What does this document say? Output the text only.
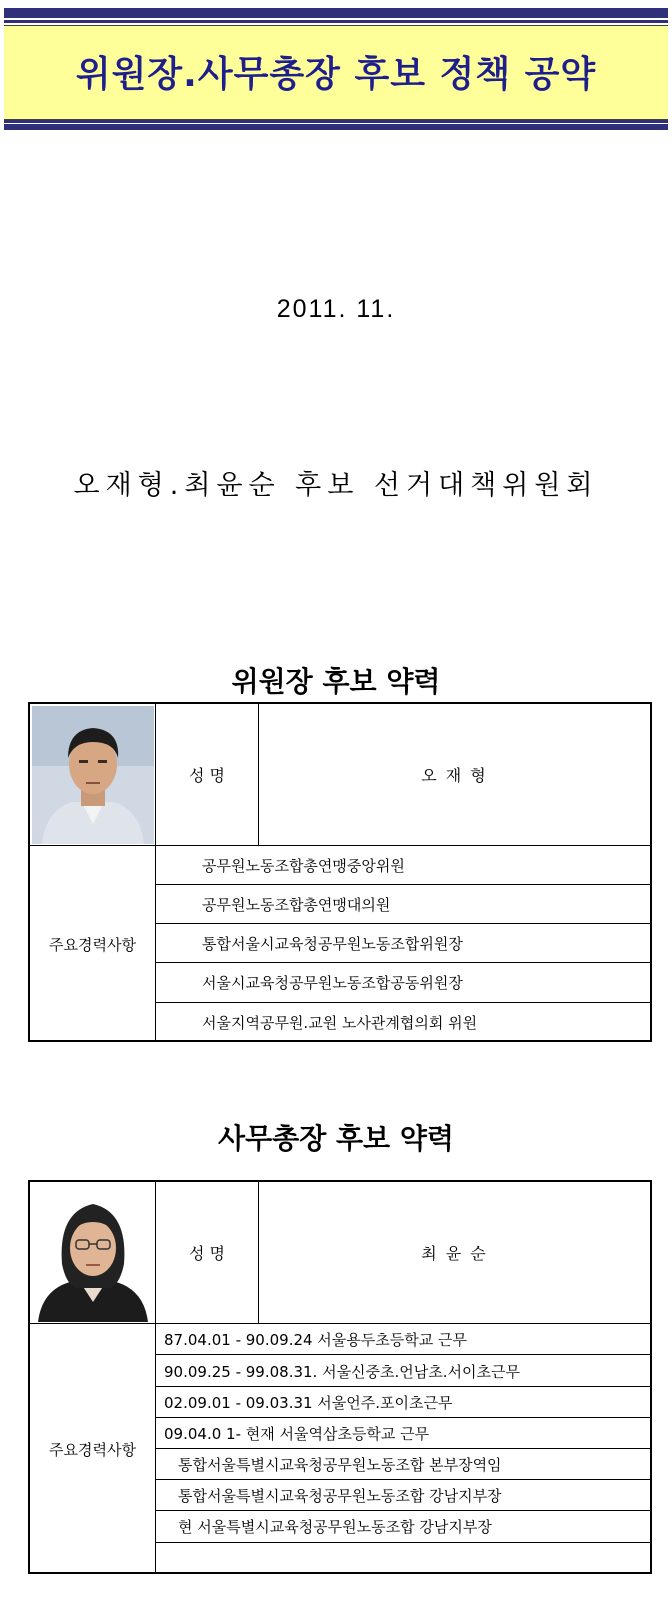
위원장.사무총장 후보 정책 공약
2011. 11.
오재형.최윤순 후보 선거대책위원회
위원장 후보 약력
성 명	오 재 형
주요경력사항
공무원노동조합총연맹중앙위원
공무원노동조합총연맹대의원
통합서울시교육청공무원노동조합위원장
서울시교육청공무원노동조합공동위원장
서울지역공무원.교원 노사관계협의회 위원
사무총장 후보 약력
성 명	최 윤 순
주요경력사항
87.04.01 - 90.09.24 서울용두초등학교 근무
90.09.25 - 99.08.31. 서울신중초.언남초.서이초근무
02.09.01 - 09.03.31 서울언주.포이초근무
09.04.0 1- 현재 서울역삼초등학교 근무
통합서울특별시교육청공무원노동조합 본부장역임
통합서울특별시교육청공무원노동조합 강남지부장
현 서울특별시교육청공무원노동조합 강남지부장
